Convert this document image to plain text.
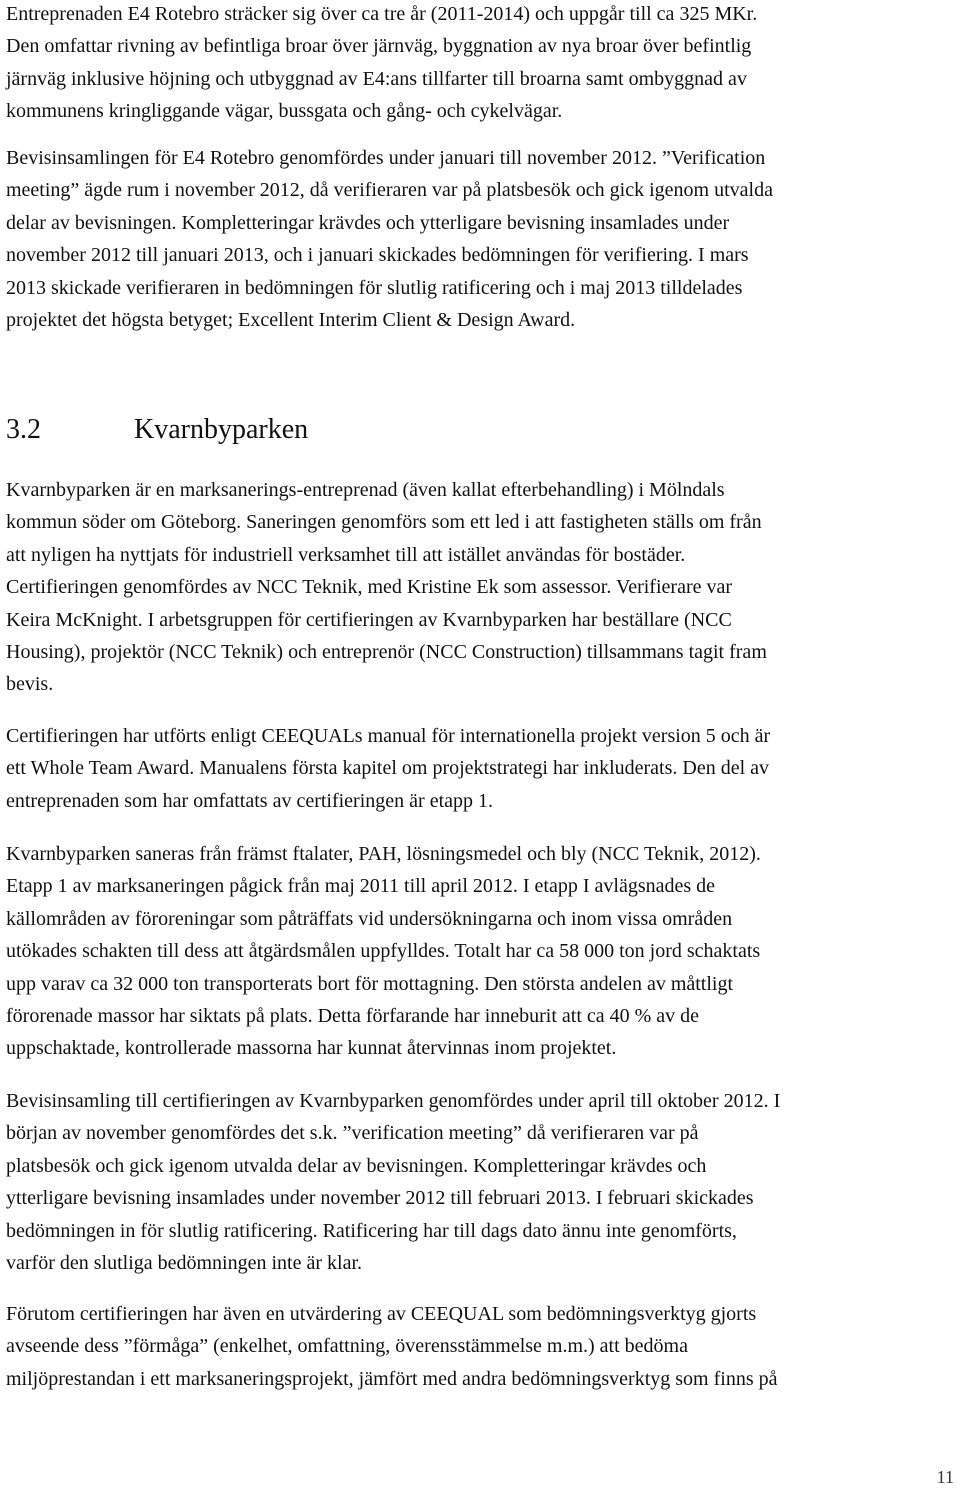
Entreprenaden E4 Rotebro sträcker sig över ca tre år (2011-2014) och uppgår till ca 325 MKr.
Den omfattar rivning av befintliga broar över järnväg, byggnation av nya broar över befintlig
järnväg inklusive höjning och utbyggnad av E4:ans tillfarter till broarna samt ombyggnad av
kommunens kringliggande vägar, bussgata och gång- och cykelvägar.
Bevisinsamlingen för E4 Rotebro genomfördes under januari till november 2012. ”Verification
meeting” ägde rum i november 2012, då verifieraren var på platsbesök och gick igenom utvalda
delar av bevisningen. Kompletteringar krävdes och ytterligare bevisning insamlades under
november 2012 till januari 2013, och i januari skickades bedömningen för verifiering. I mars
2013 skickade verifieraren in bedömningen för slutlig ratificering och i maj 2013 tilldelades
projektet det högsta betyget; Excellent Interim Client & Design Award.
3.2	Kvarnbyparken
Kvarnbyparken är en marksanerings-entreprenad (även kallat efterbehandling) i Mölndals
kommun söder om Göteborg. Saneringen genomförs som ett led i att fastigheten ställs om från
att nyligen ha nyttjats för industriell verksamhet till att istället användas för bostäder.
Certifieringen genomfördes av NCC Teknik, med Kristine Ek som assessor. Verifierare var
Keira McKnight. I arbetsgruppen för certifieringen av Kvarnbyparken har beställare (NCC
Housing), projektör (NCC Teknik) och entreprenör (NCC Construction) tillsammans tagit fram
bevis.
Certifieringen har utförts enligt CEEQUALs manual för internationella projekt version 5 och är
ett Whole Team Award. Manualens första kapitel om projektstrategi har inkluderats. Den del av
entreprenaden som har omfattats av certifieringen är etapp 1.
Kvarnbyparken saneras från främst ftalater, PAH, lösningsmedel och bly (NCC Teknik, 2012).
Etapp 1 av marksaneringen pågick från maj 2011 till april 2012. I etapp I avlägsnades de
källområden av föroreningar som påträffats vid undersökningarna och inom vissa områden
utökades schakten till dess att åtgärdsmålen uppfylldes. Totalt har ca 58 000 ton jord schaktats
upp varav ca 32 000 ton transporterats bort för mottagning. Den största andelen av måttligt
förorenade massor har siktats på plats. Detta förfarande har inneburit att ca 40 % av de
uppschaktade, kontrollerade massorna har kunnat återvinnas inom projektet.
Bevisinsamling till certifieringen av Kvarnbyparken genomfördes under april till oktober 2012. I
början av november genomfördes det s.k. ”verification meeting” då verifieraren var på
platsbesök och gick igenom utvalda delar av bevisningen. Kompletteringar krävdes och
ytterligare bevisning insamlades under november 2012 till februari 2013. I februari skickades
bedömningen in för slutlig ratificering. Ratificering har till dags dato ännu inte genomförts,
varför den slutliga bedömningen inte är klar.
Förutom certifieringen har även en utvärdering av CEEQUAL som bedömningsverktyg gjorts
avseende dess ”förmåga” (enkelhet, omfattning, överensstämmelse m.m.) att bedöma
miljöprestandan i ett marksaneringsprojekt, jämfört med andra bedömningsverktyg som finns på
11
